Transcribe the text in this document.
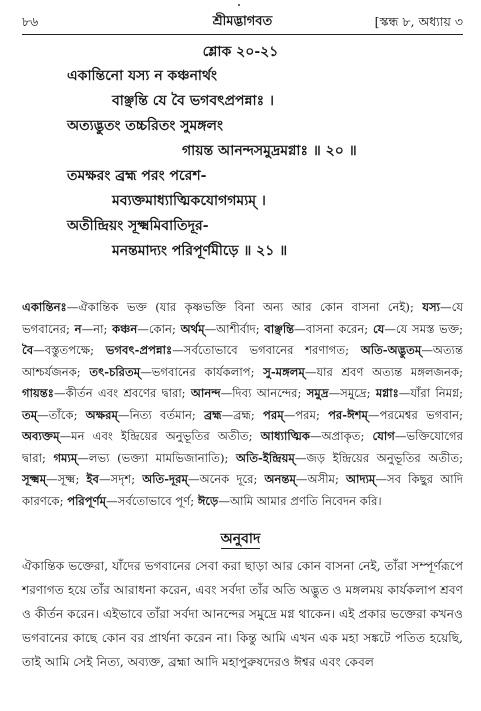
৮৬	শ্রীমদ্ভাগবত	[স্কন্ধ ৮, অধ্যায় ৩
শ্লোক ২০-২১
একান্তিনো যস্য ন কঞ্চনার্থং
বাঞ্ছন্তি যে বৈ ভগবৎপ্রপন্নাঃ ।
অত্যদ্ভুতং তচ্চরিতং সুমঙ্গলং
গায়ন্ত আনন্দসমুদ্রমগ্নাঃ ॥ ২০ ॥
তমক্ষরং ব্রহ্ম পরং পরেশ-
মব্যক্তমাধ্যাত্মিকযোগগম্যম্ ।
অতীন্দ্রিয়ং সূক্ষ্মমিবাতিদূর-
মনন্তমাদ্যং পরিপূর্ণমীড়ে ॥ ২১ ॥
একান্তিনঃ—ঐকান্তিক ভক্ত (যার কৃষ্ণভক্তি বিনা অন্য আর কোন বাসনা নেই); যস্য—যে ভগবানের; ন—না; কঞ্চন—কোন; অর্থম্—আশীর্বাদ; বাঞ্ছন্তি—বাসনা করেন; যে—যে সমস্ত ভক্ত; বৈ—বস্তুতপক্ষে; ভগবৎ-প্রপন্নাঃ—সর্বতোভাবে ভগবানের শরণাগত; অতি-অদ্ভুতম্—অত্যন্ত আশ্চর্যজনক; তৎ-চরিতম্—ভগবানের কার্যকলাপ; সু-মঙ্গলম্—যার শ্রবণ অত্যন্ত মঙ্গলজনক; গায়ন্তঃ—কীর্তন এবং শ্রবণের দ্বারা; আনন্দ—দিব্য আনন্দের; সমুদ্র—সমুদ্রে; মগ্নাঃ—যাঁরা নিমগ্ন; তম্—তাঁকে; অক্ষরম্—নিত্য বর্তমান; ব্রহ্ম—ব্রহ্ম; পরম্—পরম; পর-ঈশম্—পরমেশ্বর ভগবান; অব্যক্তম্—মন এবং ইন্দ্রিয়ের অনুভূতির অতীত; আধ্যাত্মিক—অপ্রাকৃত; যোগ—ভক্তিযোগের দ্বারা; গম্যম্—লভ্য (ভক্ত্যা মামভিজানাতি); অতি-ইন্দ্রিয়ম্—জড় ইন্দ্রিয়ের অনুভূতির অতীত; সূক্ষ্মম্—সূক্ষ্ম; ইব—সদৃশ; অতি-দূরম্—অনেক দূরে; অনন্তম্—অসীম; আদ্যম্—সব কিছুর আদি কারণকে; পরিপূর্ণম্—সর্বতোভাবে পূর্ণ; ঈড়ে—আমি আমার প্রণতি নিবেদন করি।
অনুবাদ
ঐকান্তিক ভক্তেরা, যাঁদের ভগবানের সেবা করা ছাড়া আর কোন বাসনা নেই, তাঁরা সম্পূর্ণরূপে শরণাগত হয়ে তাঁর আরাধনা করেন, এবং সর্বদা তাঁর অতি অদ্ভুত ও মঙ্গলময় কার্যকলাপ শ্রবণ ও কীর্তন করেন। এইভাবে তাঁরা সর্বদা আনন্দের সমুদ্রে মগ্ন থাকেন। এই প্রকার ভক্তেরা কখনও ভগবানের কাছে কোন বর প্রার্থনা করেন না। কিন্তু আমি এখন এক মহা সঙ্কটে পতিত হয়েছি, তাই আমি সেই নিত্য, অব্যক্ত, ব্রহ্মা আদি মহাপুরুষদেরও ঈশ্বর এবং কেবল
